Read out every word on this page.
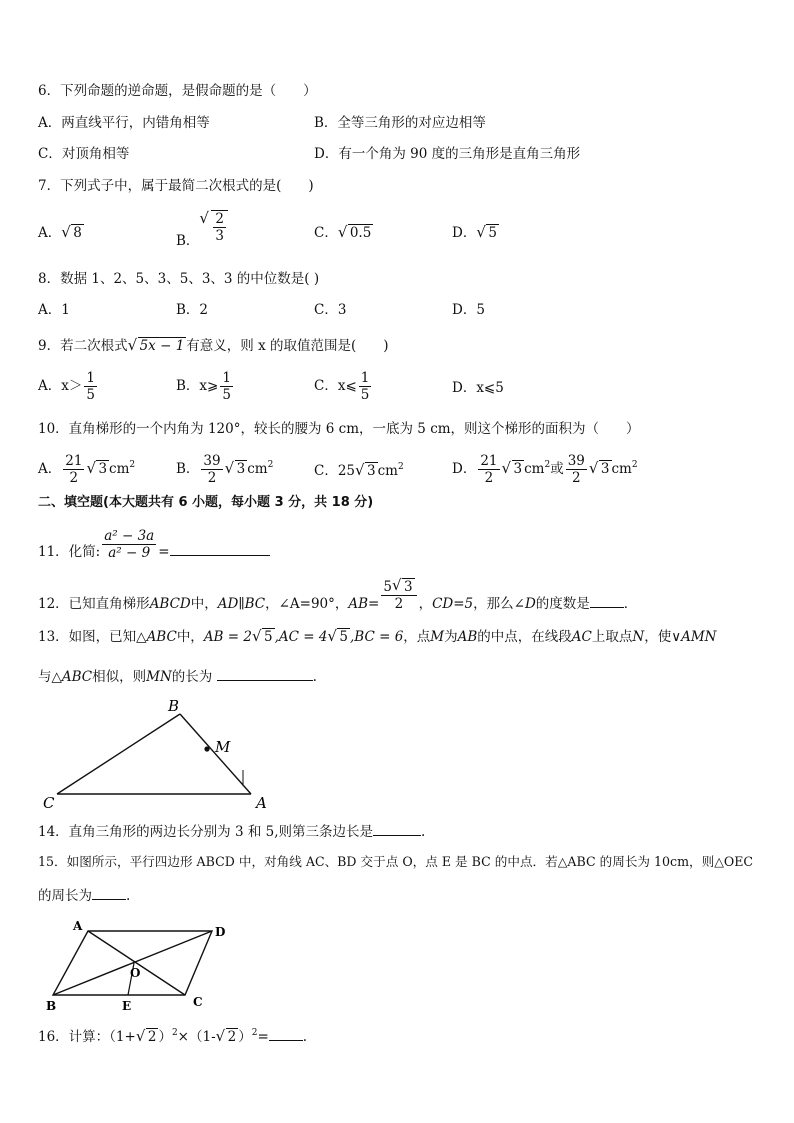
6．下列命题的逆命题，是假命题的是（　　）
A．两直线平行，内错角相等	B．全等三角形的对应边相等
C．对顶角相等	D．有一个角为 90 度的三角形是直角三角形
7．下列式子中，属于最简二次根式的是(　　)
A． √ 8	B． √ $\frac{2}{3}$	C． √ 0.5	D． √ 5
8．数据 1、2、5、3、5、3、3 的中位数是( )
A．1	B．2	C．3	D．5
9．若二次根式 √ 5x − 1 有意义，则 x 的取值范围是(　　)
A．$x> \frac{1}{5}$	B．x⩾ $\frac{1}{5}$	C．x⩽ $\frac{1}{5}$	D．x⩽5
10．直角梯形的一个内角为 120°，较长的腰为 6 cm，一底为 5 cm，则这个梯形的面积为（　　）
A． $\frac{21}{2}$ √ 3 $cm^2$	B． $\frac{39}{2}$ √ 3 $cm^2$	C．25 √ 3 $cm^2$	D． $\frac{21}{2}$ √ 3 $cm^2$或 $\frac{39}{2}$ √ 3 $cm^2$
二、填空题(本大题共有 6 小题，每小题 3 分，共 18 分)
11．化简: $\frac{\text{a² − 3a}}{\text{a² − 9}}$ =
12．已知直角梯形ABCD中，AD∥BC，∠A=90°，$AB= \frac{5 √ 3}{2}$ ，CD=5，那么∠D的度数是	．
13．如图，已知△ABC中，AB = 2 √ 5 ,AC = 4 √ 5 ,BC = 6，点M为AB的中点，在线段AC上取点N，使∨AMN
与△ABC相似，则MN的长为	.
B
M
C	A
14．直角三角形的两边长分别为 3 和 5,则第三条边长是	.
15．如图所示，平行四边形 ABCD 中，对角线 AC、BD 交于点 O，点 E 是 BC 的中点．若△ABC 的周长为 10cm，则△OEC
的周长为	.
A	D
O
B	E	C
16．计算：（1+ √ 2 ）$^2$×（1- √ 2 ）$^2$=	.
